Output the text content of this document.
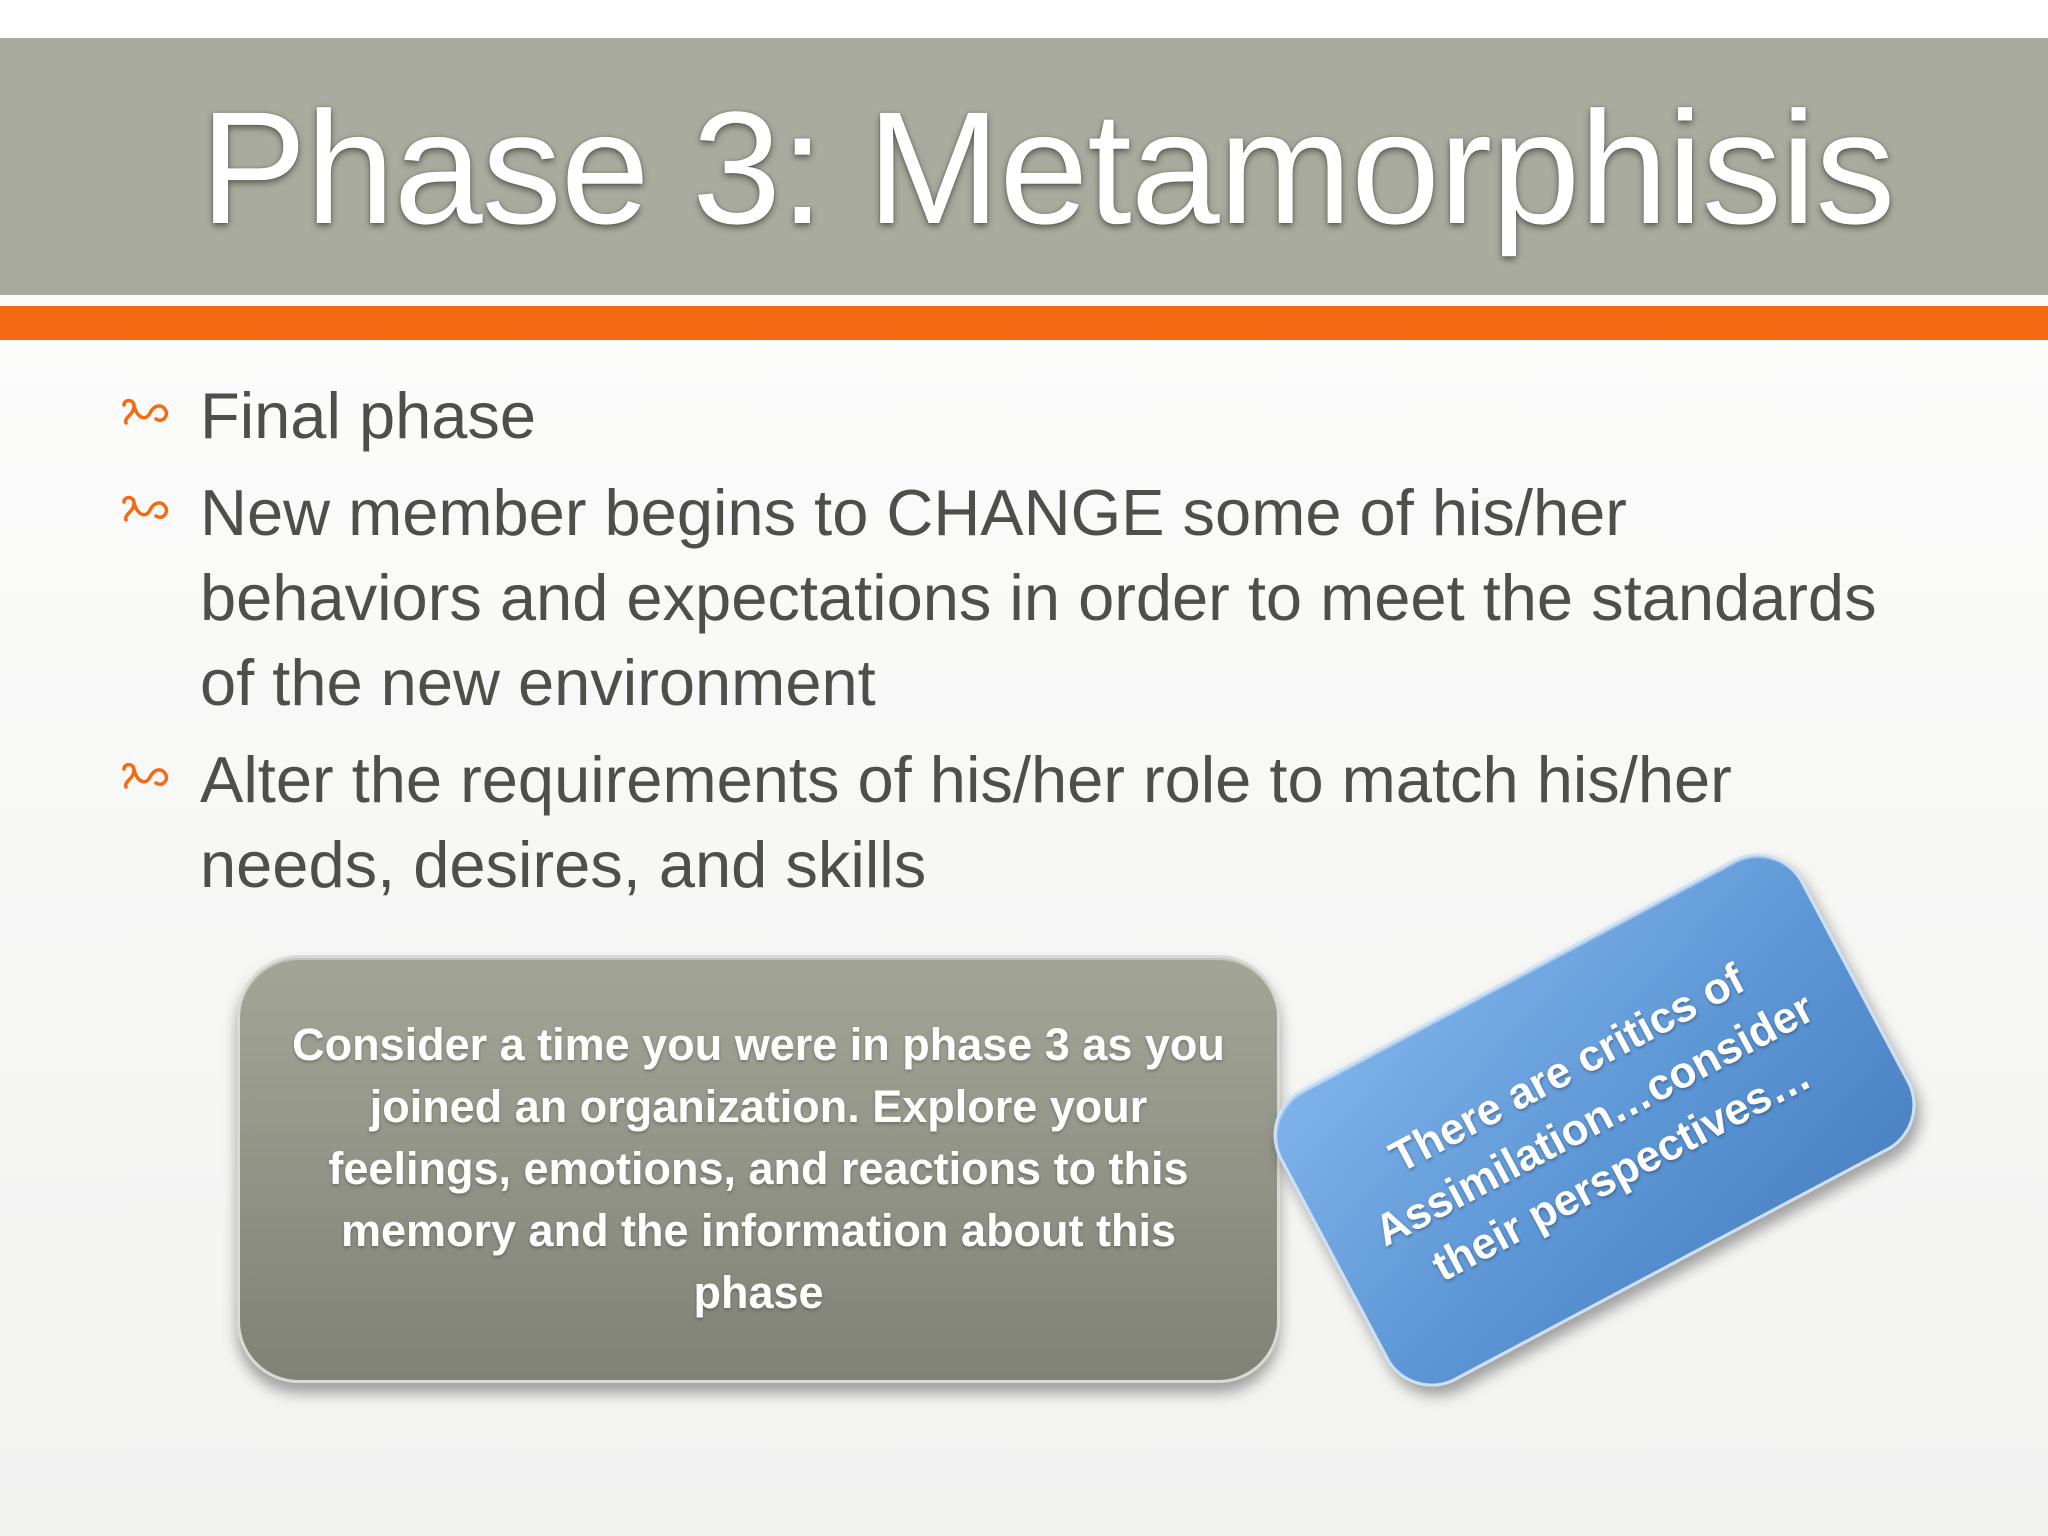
Phase 3: Metamorphisis
Final phase
New member begins to CHANGE some of his/her behaviors and expectations in order to meet the standards of the new environment
Alter the requirements of his/her role to match his/her needs, desires, and skills
Consider a time you were in phase 3 as you joined an organization. Explore your feelings, emotions, and reactions to this memory and the information about this phase
There are critics of Assimilation…consider their perspectives…
